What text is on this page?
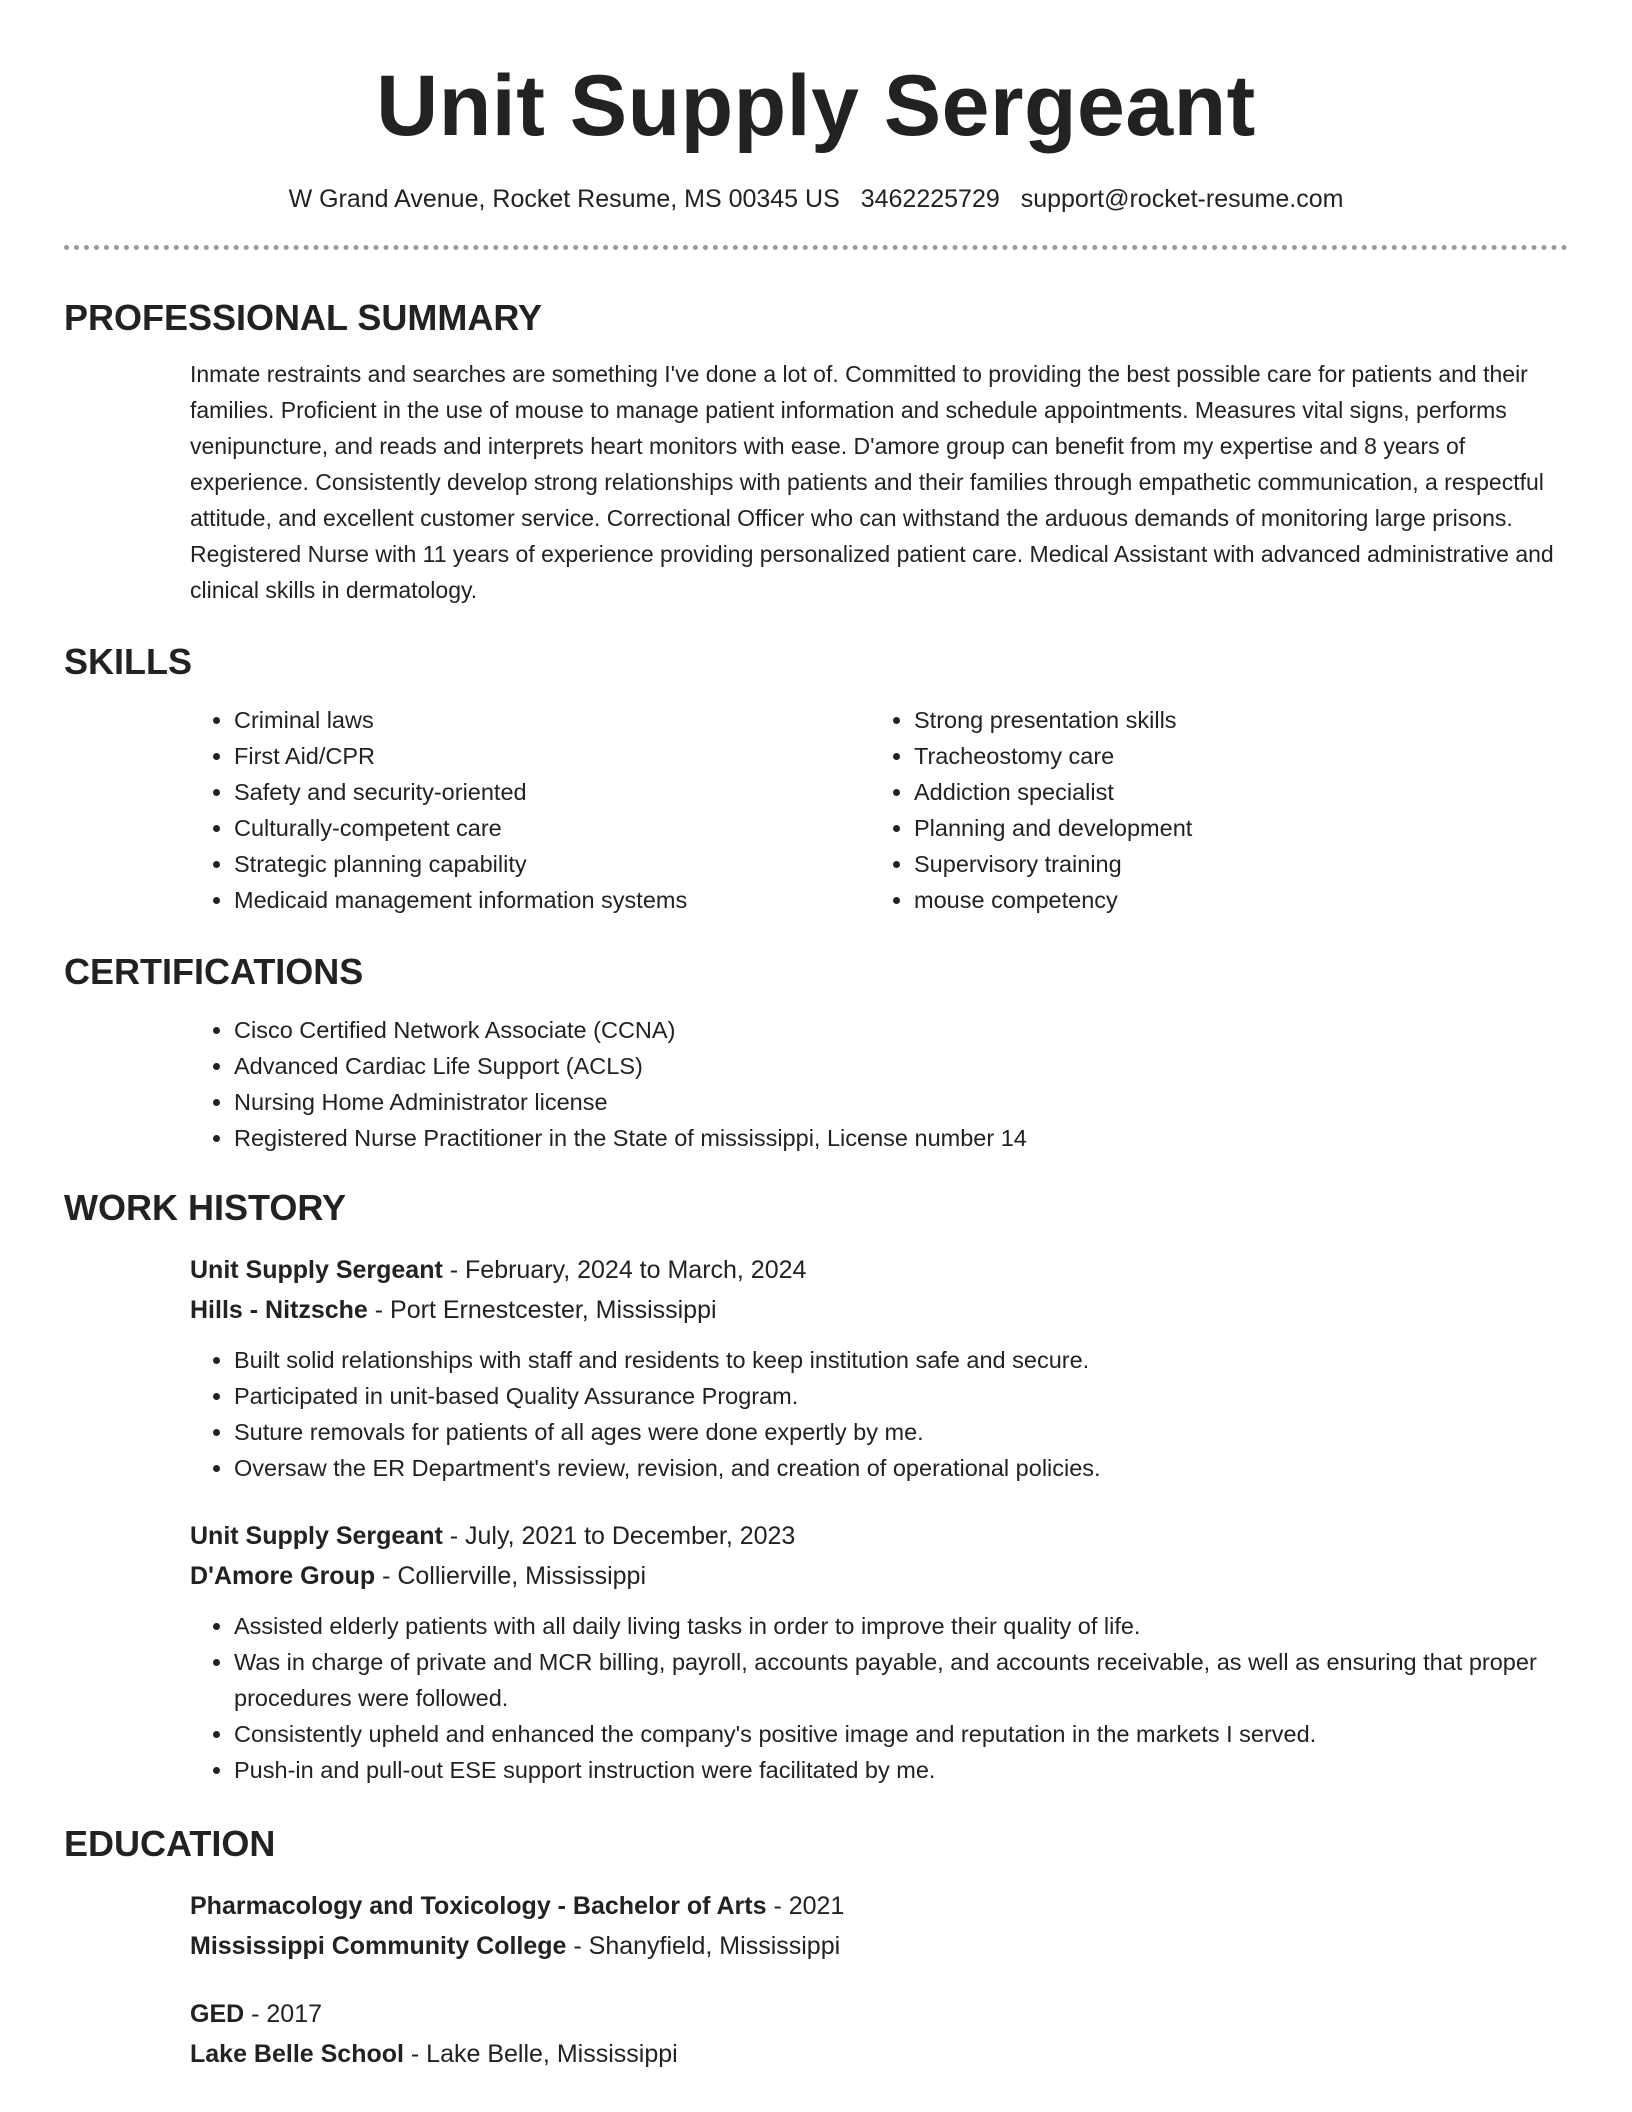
Unit Supply Sergeant
W Grand Avenue, Rocket Resume, MS 00345 US 3462225729 support@rocket-resume.com
PROFESSIONAL SUMMARY

Inmate restraints and searches are something I've done a lot of. Committed to providing the best possible care for patients and their families. Proficient in the use of mouse to manage patient information and schedule appointments. Measures vital signs, performs venipuncture, and reads and interprets heart monitors with ease. D'amore group can benefit from my expertise and 8 years of experience. Consistently develop strong relationships with patients and their families through empathetic communication, a respectful attitude, and excellent customer service. Correctional Officer who can withstand the arduous demands of monitoring large prisons. Registered Nurse with 11 years of experience providing personalized patient care. Medical Assistant with advanced administrative and clinical skills in dermatology.

SKILLS
• Criminal laws
• First Aid/CPR
• Safety and security-oriented
• Culturally-competent care
• Strategic planning capability
• Medicaid management information systems
• Strong presentation skills
• Tracheostomy care
• Addiction specialist
• Planning and development
• Supervisory training
• mouse competency
CERTIFICATIONS
• Cisco Certified Network Associate (CCNA)
• Advanced Cardiac Life Support (ACLS)
• Nursing Home Administrator license
• Registered Nurse Practitioner in the State of mississippi, License number 14
WORK HISTORY
Unit Supply Sergeant - February, 2024 to March, 2024
Hills - Nitzsche - Port Ernestcester, Mississippi
• Built solid relationships with staff and residents to keep institution safe and secure.
• Participated in unit-based Quality Assurance Program.
• Suture removals for patients of all ages were done expertly by me.
• Oversaw the ER Department's review, revision, and creation of operational policies.
Unit Supply Sergeant - July, 2021 to December, 2023
D'Amore Group - Collierville, Mississippi
• Assisted elderly patients with all daily living tasks in order to improve their quality of life.
• Was in charge of private and MCR billing, payroll, accounts payable, and accounts receivable, as well as ensuring that proper procedures were followed.
• Consistently upheld and enhanced the company's positive image and reputation in the markets I served.
• Push-in and pull-out ESE support instruction were facilitated by me.
EDUCATION
Pharmacology and Toxicology - Bachelor of Arts - 2021
Mississippi Community College - Shanyfield, Mississippi
GED - 2017
Lake Belle School - Lake Belle, Mississippi
